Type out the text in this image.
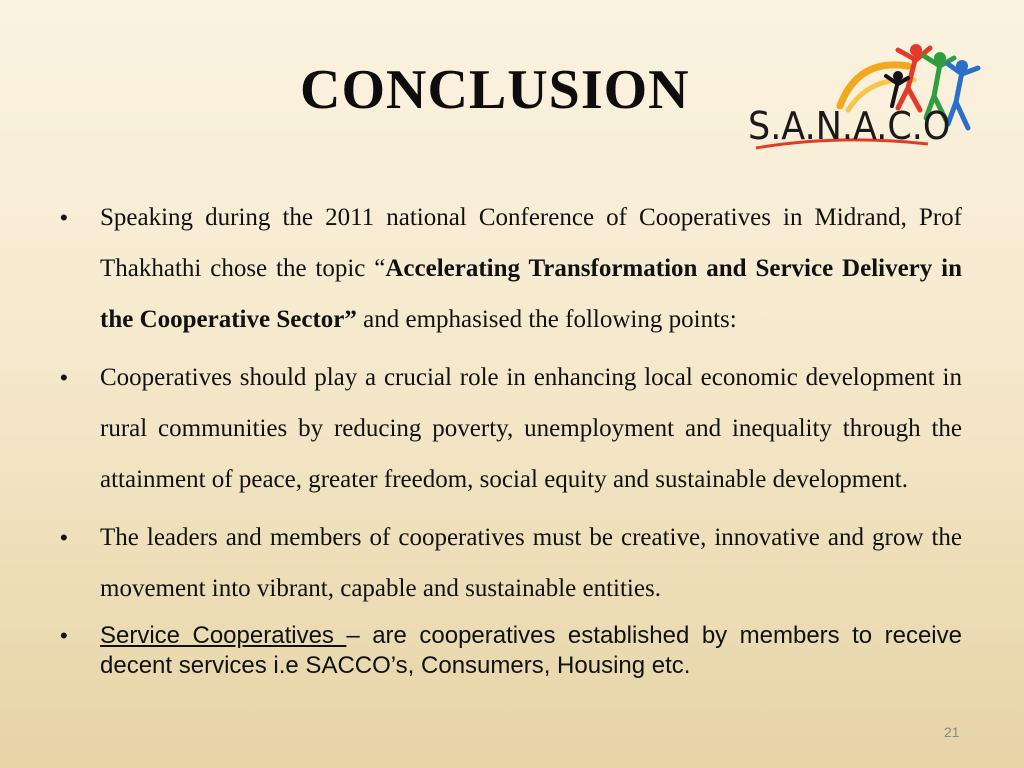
CONCLUSION
S.A.N.A.C.O
• Speaking during the 2011 national Conference of Cooperatives in Midrand, Prof Thakhathi chose the topic “Accelerating Transformation and Service Delivery in the Cooperative Sector” and emphasised the following points:
• Cooperatives should play a crucial role in enhancing local economic development in rural communities by reducing poverty, unemployment and inequality through the attainment of peace, greater freedom, social equity and sustainable development.
• The leaders and members of cooperatives must be creative, innovative and grow the movement into vibrant, capable and sustainable entities.
• Service Cooperatives – are cooperatives established by members to receive decent services i.e SACCO’s, Consumers, Housing etc.
21
